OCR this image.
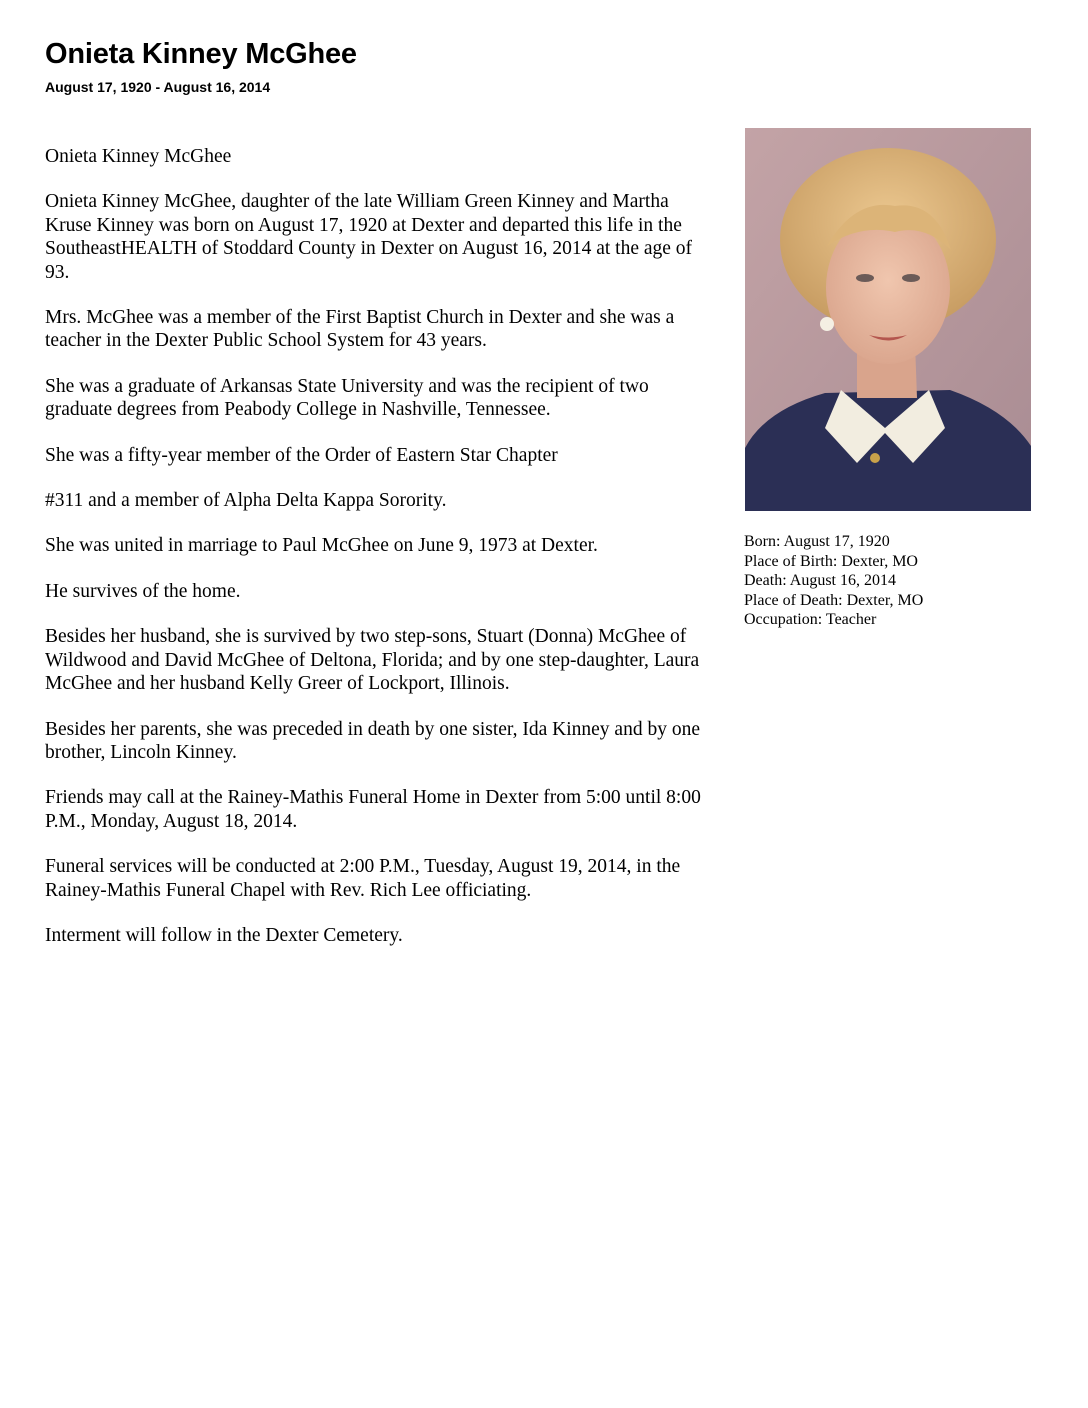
Onieta Kinney McGhee
August 17, 1920 - August 16, 2014

Onieta Kinney McGhee

Onieta Kinney McGhee, daughter of the late William Green Kinney and Martha Kruse Kinney was born on August 17, 1920 at Dexter and departed this life in the SoutheastHEALTH of Stoddard County in Dexter on August 16, 2014 at the age of 93.

Mrs. McGhee was a member of the First Baptist Church in Dexter and she was a teacher in the Dexter Public School System for 43 years.

She was a graduate of Arkansas State University and was the recipient of two graduate degrees from Peabody College in Nashville, Tennessee.

She was a fifty-year member of the Order of Eastern Star Chapter

#311 and a member of Alpha Delta Kappa Sorority.

She was united in marriage to Paul McGhee on June 9, 1973 at Dexter.

He survives of the home.

Besides her husband, she is survived by two step-sons, Stuart (Donna) McGhee of Wildwood and David McGhee of Deltona, Florida; and by one step-daughter, Laura McGhee and her husband Kelly Greer of Lockport, Illinois.

Besides her parents, she was preceded in death by one sister, Ida Kinney and by one brother, Lincoln Kinney.

Friends may call at the Rainey-Mathis Funeral Home in Dexter from 5:00 until 8:00 P.M., Monday, August 18, 2014.

Funeral services will be conducted at 2:00 P.M., Tuesday, August 19, 2014, in the Rainey-Mathis Funeral Chapel with Rev. Rich Lee officiating.

Interment will follow in the Dexter Cemetery.

Born: August 17, 1920
Place of Birth: Dexter, MO
Death: August 16, 2014
Place of Death: Dexter, MO
Occupation: Teacher
